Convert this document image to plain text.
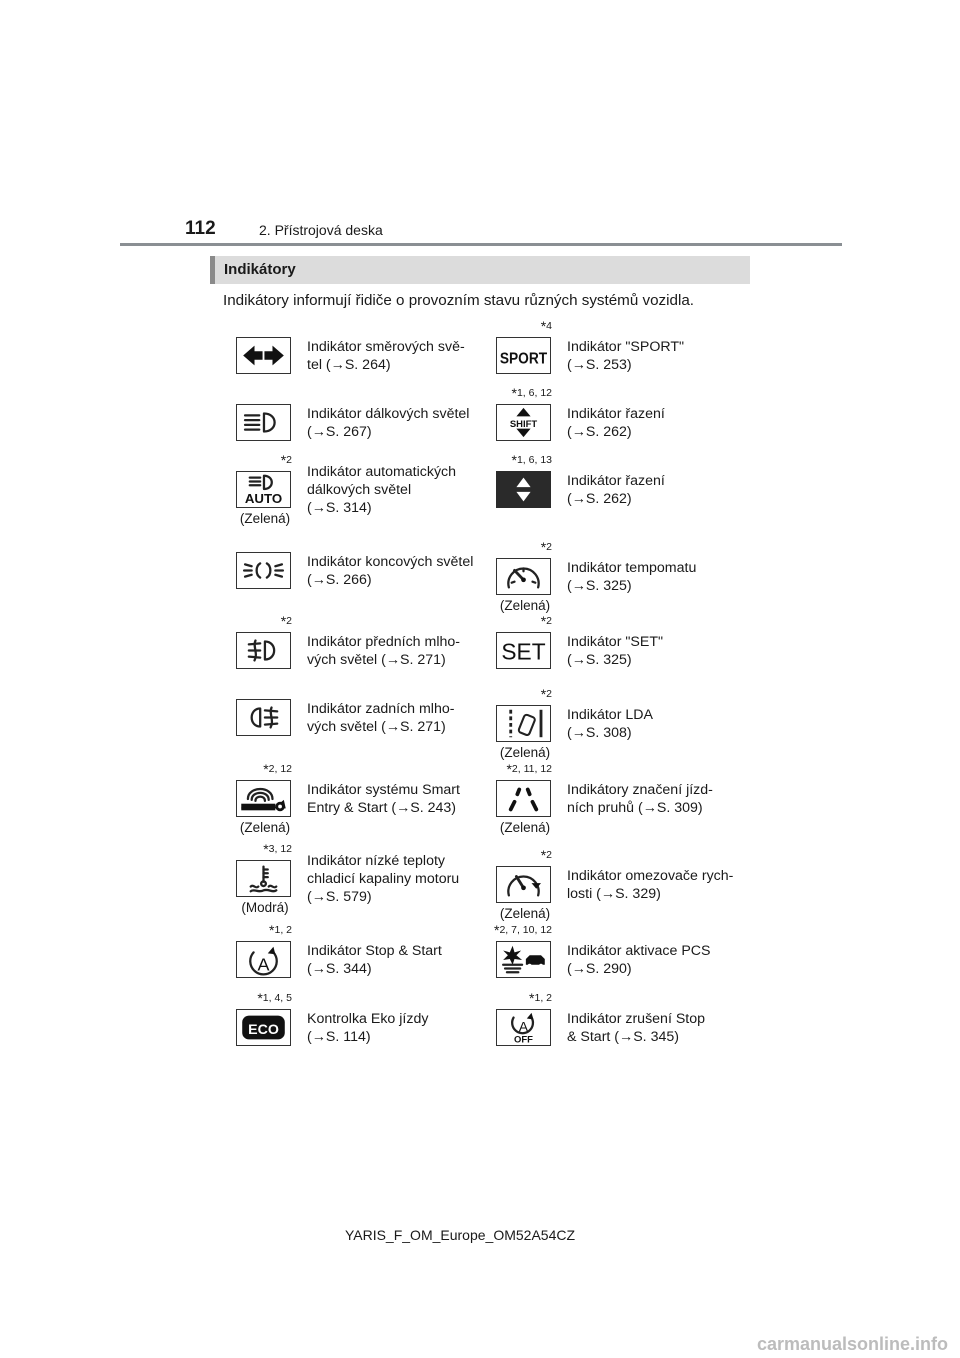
112	2. Přístrojová deska
Indikátory
Indikátory informují řidiče o provozním stavu různých systémů vozidla.
Indikátor směrových svě-
tel (→S. 264)
Indikátor dálkových světel
(→S. 267)
*2
AUTO
(Zelená)
Indikátor automatických
dálkových světel
(→S. 314)
Indikátor koncových světel
(→S. 266)
*2
Indikátor předních mlho-
vých světel (→S. 271)
Indikátor zadních mlho-
vých světel (→S. 271)
*2, 12
(Zelená)
Indikátor systému Smart
Entry & Start (→S. 243)
*3, 12
(Modrá)
Indikátor nízké teploty
chladicí kapaliny motoru
(→S. 579)
*1, 2
A
Indikátor Stop & Start
(→S. 344)
*1, 4, 5
ECO
Kontrolka Eko jízdy
(→S. 114)
*4
SPORT
Indikátor "SPORT"
(→S. 253)
*1, 6, 12
SHIFT
Indikátor řazení
(→S. 262)
*1, 6, 13
Indikátor řazení
(→S. 262)
*2
(Zelená)
Indikátor tempomatu
(→S. 325)
*2
SET Indikátor "SET"
(→S. 325)
*2
(Zelená)
Indikátor LDA
(→S. 308)
*2, 11, 12
(Zelená)
Indikátory značení jízd-
ních pruhů (→S. 309)
*2
(Zelená)
Indikátor omezovače rych-
losti (→S. 329)
*2, 7, 10, 12
Indikátor aktivace PCS
(→S. 290)
*1, 2
A
OFF
Indikátor zrušení Stop
& Start (→S. 345)
YARIS_F_OM_Europe_OM52A54CZ
carmanualsonline.info
